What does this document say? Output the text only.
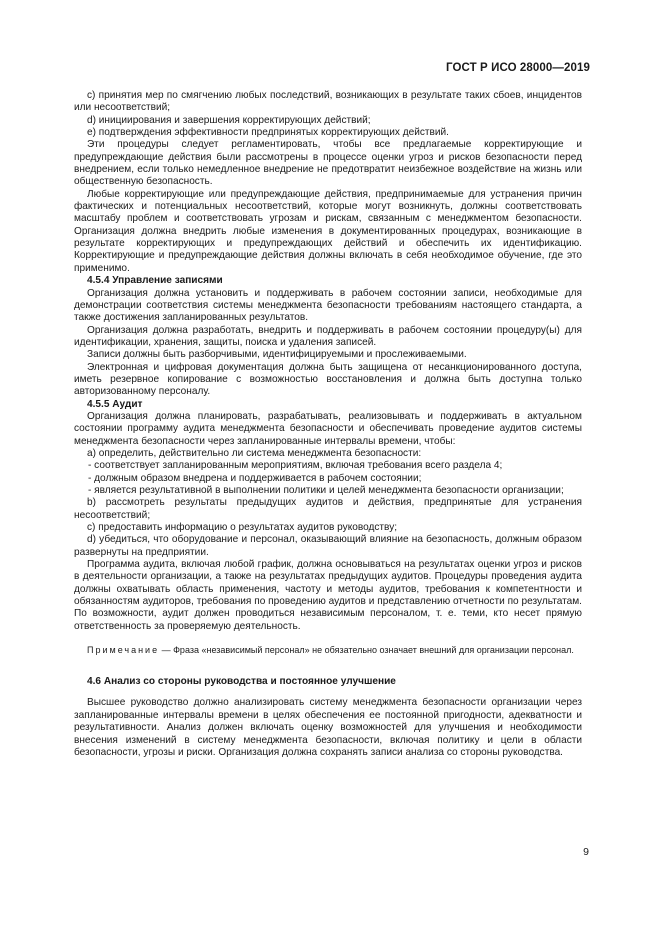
ГОСТ Р ИСО 28000—2019

c) принятия мер по смягчению любых последствий, возникающих в результате таких сбоев, инцидентов или несоответствий;

d) инициирования и завершения корректирующих действий;

e) подтверждения эффективности предпринятых корректирующих действий.

Эти процедуры следует регламентировать, чтобы все предлагаемые корректирующие и предупреждающие действия были рассмотрены в процессе оценки угроз и рисков безопасности перед внедрением, если только немедленное внедрение не предотвратит неизбежное воздействие на жизнь или общественную безопасность.

Любые корректирующие или предупреждающие действия, предпринимаемые для устранения причин фактических и потенциальных несоответствий, которые могут возникнуть, должны соответствовать масштабу проблем и соответствовать угрозам и рискам, связанным с менеджментом безопасности. Организация должна внедрить любые изменения в документированных процедурах, возникающие в результате корректирующих и предупреждающих действий и обеспечить их идентификацию. Корректирующие и предупреждающие действия должны включать в себя необходимое обучение, где это применимо.

4.5.4 Управление записями

Организация должна установить и поддерживать в рабочем состоянии записи, необходимые для демонстрации соответствия системы менеджмента безопасности требованиям настоящего стандарта, а также достижения запланированных результатов.

Организация должна разработать, внедрить и поддерживать в рабочем состоянии процедуру(ы) для идентификации, хранения, защиты, поиска и удаления записей.

Записи должны быть разборчивыми, идентифицируемыми и прослеживаемыми.

Электронная и цифровая документация должна быть защищена от несанкционированного доступа, иметь резервное копирование с возможностью восстановления и должна быть доступна только авторизованному персоналу.

4.5.5 Аудит

Организация должна планировать, разрабатывать, реализовывать и поддерживать в актуальном состоянии программу аудита менеджмента безопасности и обеспечивать проведение аудитов системы менеджмента безопасности через запланированные интервалы времени, чтобы:

a) определить, действительно ли система менеджмента безопасности:

- соответствует запланированным мероприятиям, включая требования всего раздела 4;

- должным образом внедрена и поддерживается в рабочем состоянии;

- является результативной в выполнении политики и целей менеджмента безопасности организации;

b) рассмотреть результаты предыдущих аудитов и действия, предпринятые для устранения несоответствий;

c) предоставить информацию о результатах аудитов руководству;

d) убедиться, что оборудование и персонал, оказывающий влияние на безопасность, должным образом развернуты на предприятии.

Программа аудита, включая любой график, должна основываться на результатах оценки угроз и рисков в деятельности организации, а также на результатах предыдущих аудитов. Процедуры проведения аудита должны охватывать область применения, частоту и методы аудитов, требования к компетентности и обязанностям аудиторов, требования по проведению аудитов и представлению отчетности по результатам. По возможности, аудит должен проводиться независимым персоналом, т. е. теми, кто несет прямую ответственность за проверяемую деятельность.

Примечание — Фраза «независимый персонал» не обязательно означает внешний для организации персонал.

4.6 Анализ со стороны руководства и постоянное улучшение

Высшее руководство должно анализировать систему менеджмента безопасности организации через запланированные интервалы времени в целях обеспечения ее постоянной пригодности, адекватности и результативности. Анализ должен включать оценку возможностей для улучшения и необходимости внесения изменений в систему менеджмента безопасности, включая политику и цели в области безопасности, угрозы и риски. Организация должна сохранять записи анализа со стороны руководства.

9
